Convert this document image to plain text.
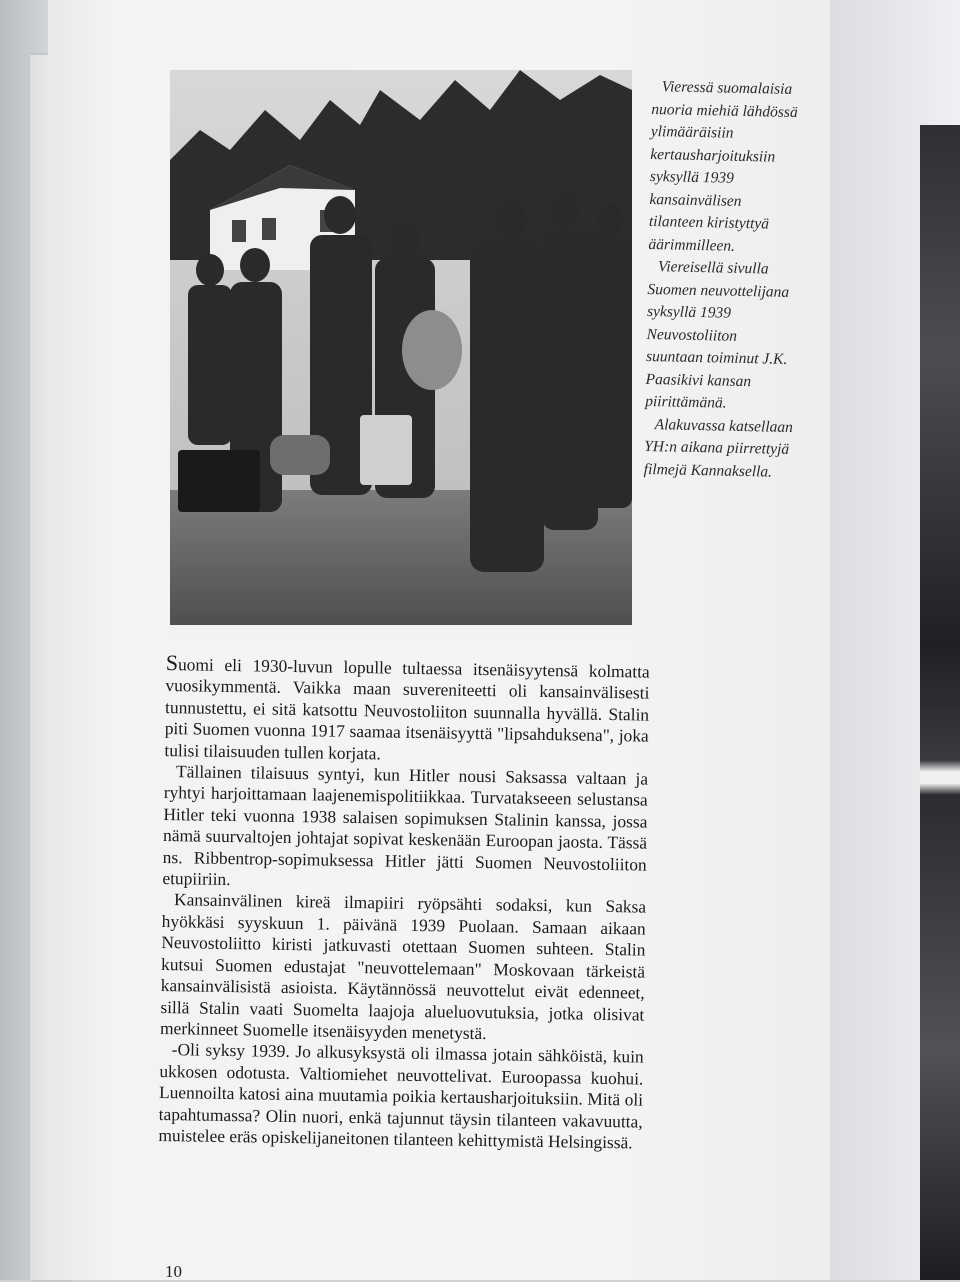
Vieressä suomalaisia nuoria miehiä lähdössä ylimääräisiin kertausharjoituksiin syksyllä 1939 kansainvälisen tilanteen kiristyttyä äärimmilleen.

Viereisellä sivulla Suomen neuvottelijana syksyllä 1939 Neuvostoliiton suuntaan toiminut J.K. Paasikivi kansan piirittämänä.

Alakuvassa katsellaan YH:n aikana piirrettyjä filmejä Kannaksella.

Suomi eli 1930-luvun lopulle tultaessa itsenäisyytensä kolmatta vuosikymmentä. Vaikka maan suvereniteetti oli kansainvälisesti tunnustettu, ei sitä katsottu Neuvostoliiton suunnalla hyvällä. Stalin piti Suomen vuonna 1917 saamaa itsenäisyyttä "lipsahduksena", joka tulisi tilaisuuden tullen korjata.

Tällainen tilaisuus syntyi, kun Hitler nousi Saksassa valtaan ja ryhtyi harjoittamaan laajenemispolitiikkaa. Turvatakseeen selustansa Hitler teki vuonna 1938 salaisen sopimuksen Stalinin kanssa, jossa nämä suurvaltojen johtajat sopivat keskenään Euroopan jaosta. Tässä ns. Ribbentrop-sopimuksessa Hitler jätti Suomen Neuvostoliiton etupiiriin.

Kansainvälinen kireä ilmapiiri ryöpsähti sodaksi, kun Saksa hyökkäsi syyskuun 1. päivänä 1939 Puolaan. Samaan aikaan Neuvostoliitto kiristi jatkuvasti otettaan Suomen suhteen. Stalin kutsui Suomen edustajat "neuvottelemaan" Moskovaan tärkeistä kansainvälisistä asioista. Käytännössä neuvottelut eivät edenneet, sillä Stalin vaati Suomelta laajoja alueluovutuksia, jotka olisivat merkinneet Suomelle itsenäisyyden menetystä.

-Oli syksy 1939. Jo alkusyksystä oli ilmassa jotain sähköistä, kuin ukkosen odotusta. Valtiomiehet neuvottelivat. Euroopassa kuohui. Luennoilta katosi aina muutamia poikia kertausharjoituksiin. Mitä oli tapahtumassa? Olin nuori, enkä tajunnut täysin tilanteen vakavuutta, muistelee eräs opiskelijaneitonen tilanteen kehittymistä Helsingissä.

10
